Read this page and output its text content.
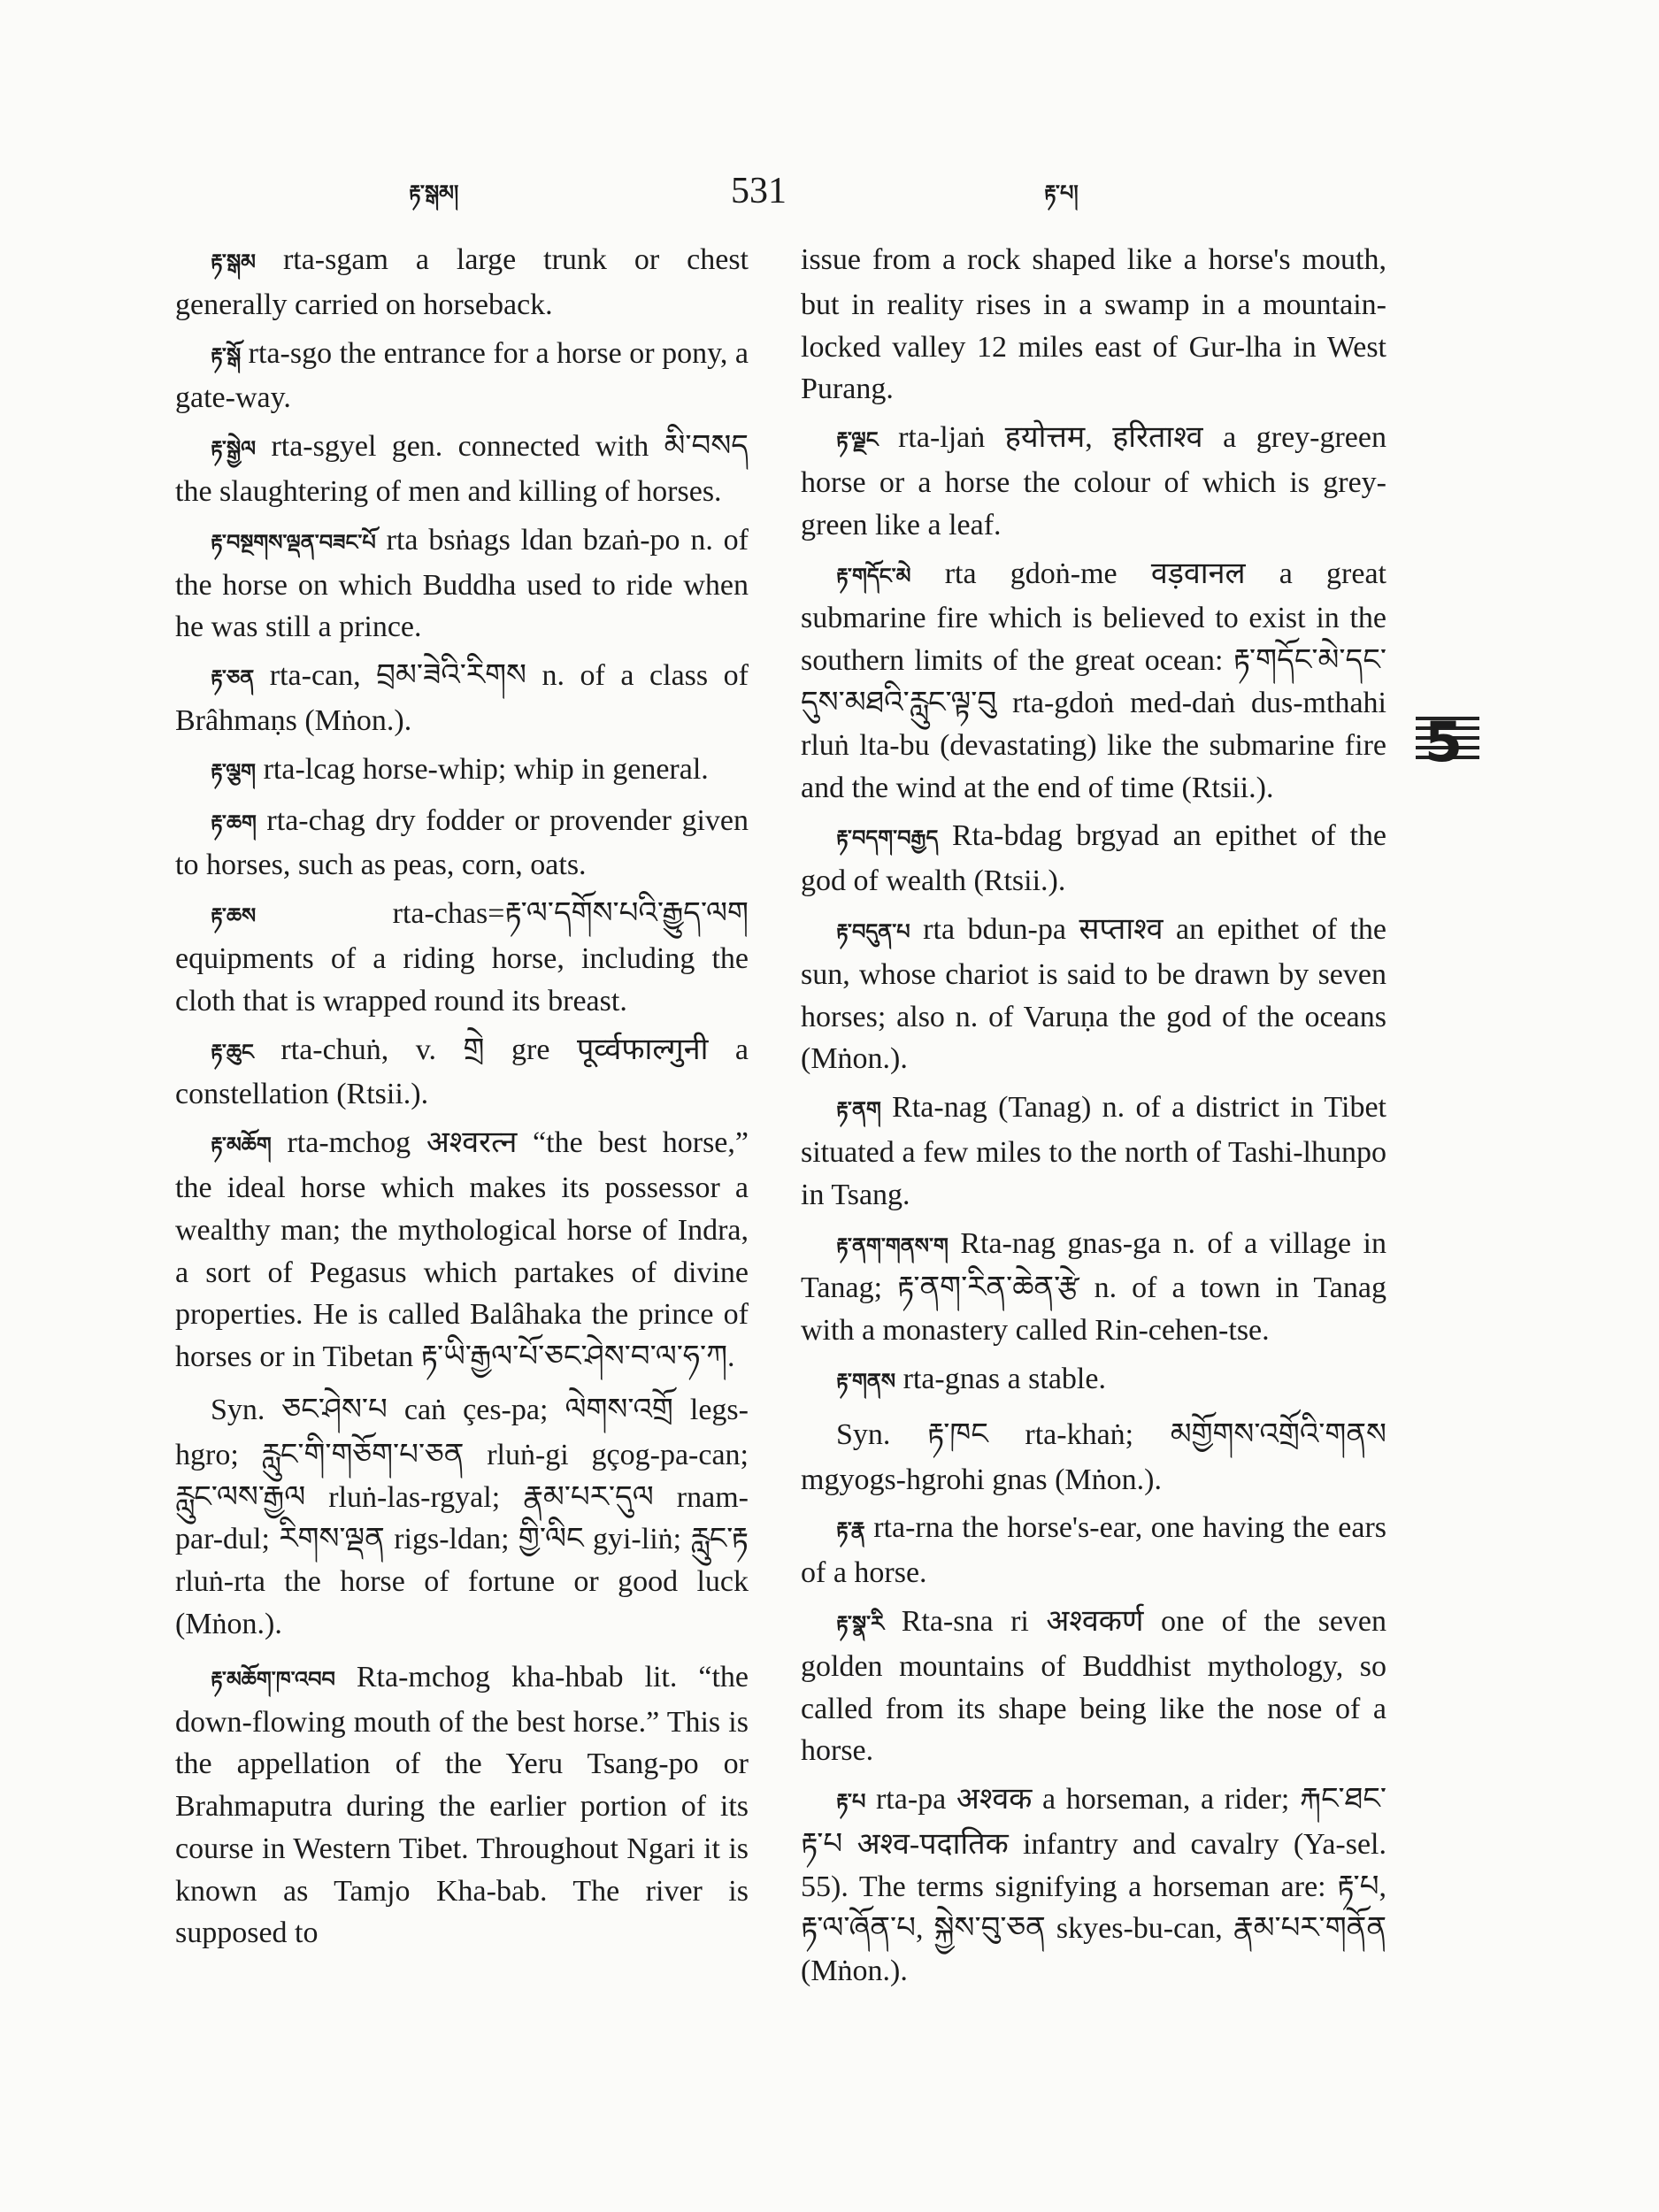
རྟ་སྒམ།	531	རྟ་པ།

རྟ་སྒམ rta-sgam a large trunk or chest generally carried on horseback.

རྟ་སྒོ rta-sgo the entrance for a horse or pony, a gate-way.

རྟ་སྒྱེལ rta-sgyel gen. connected with མི་བསད the slaughtering of men and killing of horses.

རྟ་བསྔགས་ལྡན་བཟང་པོ rta bsṅags ldan bzaṅ-po n. of the horse on which Buddha used to ride when he was still a prince.

རྟ་ཅན rta-can, བྲམ་ཟེའི་རིགས n. of a class of Brâhmaṇs (Mṅon.).

རྟ་ལྕག rta-lcag horse-whip; whip in general.

རྟ་ཆག rta-chag dry fodder or provender given to horses, such as peas, corn, oats.

རྟ་ཆས rta-chas=རྟ་ལ་དགོས་པའི་རྒྱུད་ལག equipments of a riding horse, including the cloth that is wrapped round its breast.

རྟ་ཆུང rta-chuṅ, v. གྲེ gre पूर्व्वफाल्गुनी a constellation (Rtsii.).

རྟ་མཆོག rta-mchog अश्वरत्न “the best horse,” the ideal horse which makes its possessor a wealthy man; the mythological horse of Indra, a sort of Pegasus which partakes of divine properties. He is called Balâhaka the prince of horses or in Tibetan རྟ་ཡི་རྒྱལ་པོ་ཅང་ཤེས་བ་ལ་ཧ་ཀ.

Syn. ཅང་ཤེས་པ caṅ çes-pa; ལེགས་འགྲོ legs-hgro; རླུང་གི་གཅོག་པ་ཅན rluṅ-gi gçog-pa-can; རླུང་ལས་རྒྱལ rluṅ-las-rgyal; རྣམ་པར་དུལ rnam-par-dul; རིགས་ལྡན rigs-ldan; གྱི་ལིང gyi-liṅ; རླུང་རྟ rluṅ-rta the horse of fortune or good luck (Mṅon.).

རྟ་མཆོག་ཁ་འབབ Rta-mchog kha-hbab lit. “the down-flowing mouth of the best horse.” This is the appellation of the Yeru Tsang-po or Brahmaputra during the earlier portion of its course in Western Tibet. Throughout Ngari it is known as Tamjo Kha-bab. The river is supposed to

issue from a rock shaped like a horse's mouth, but in reality rises in a swamp in a mountain-locked valley 12 miles east of Gur-lha in West Purang.

རྟ་ལྗང rta-ljaṅ हयोत्तम, हरिताश्व a grey-green horse or a horse the colour of which is grey-green like a leaf.

རྟ་གདོང་མེ rta gdoṅ-me वड़वानल a great submarine fire which is believed to exist in the southern limits of the great ocean: རྟ་གདོང་མེ་དང་དུས་མཐའི་རླུང་ལྟ་བུ rta-gdoṅ med-daṅ dus-mthahi rluṅ lta-bu (devastating) like the submarine fire and the wind at the end of time (Rtsii.).

རྟ་བདག་བརྒྱད Rta-bdag brgyad an epithet of the god of wealth (Rtsii.).

རྟ་བདུན་པ rta bdun-pa सप्ताश्व an epithet of the sun, whose chariot is said to be drawn by seven horses; also n. of Varuṇa the god of the oceans (Mṅon.).

རྟ་ནག Rta-nag (Tanag) n. of a district in Tibet situated a few miles to the north of Tashi-lhunpo in Tsang.

རྟ་ནག་གནས་ག Rta-nag gnas-ga n. of a village in Tanag; རྟ་ནག་རིན་ཆེན་རྩེ n. of a town in Tanag with a monastery called Rin-cehen-tse.

རྟ་གནས rta-gnas a stable.

Syn. རྟ་ཁང rta-khaṅ; མགྱོགས་འགྲོའི་གནས mgyogs-hgrohi gnas (Mṅon.).

རྟ་རྣ rta-rna the horse's-ear, one having the ears of a horse.

རྟ་སྣ་རི Rta-sna ri अश्वकर्ण one of the seven golden mountains of Buddhist mythology, so called from its shape being like the nose of a horse.

རྟ་པ rta-pa अश्वक a horseman, a rider; རྐང་ཐང་རྟ་པ अश्व-पदातिक infantry and cavalry (Ya-sel. 55). The terms signifying a horseman are: རྟ་པ, རྟ་ལ་ཞོན་པ, སྐྱེས་བུ་ཅན skyes-bu-can, རྣམ་པར་གནོན (Mṅon.).

5
